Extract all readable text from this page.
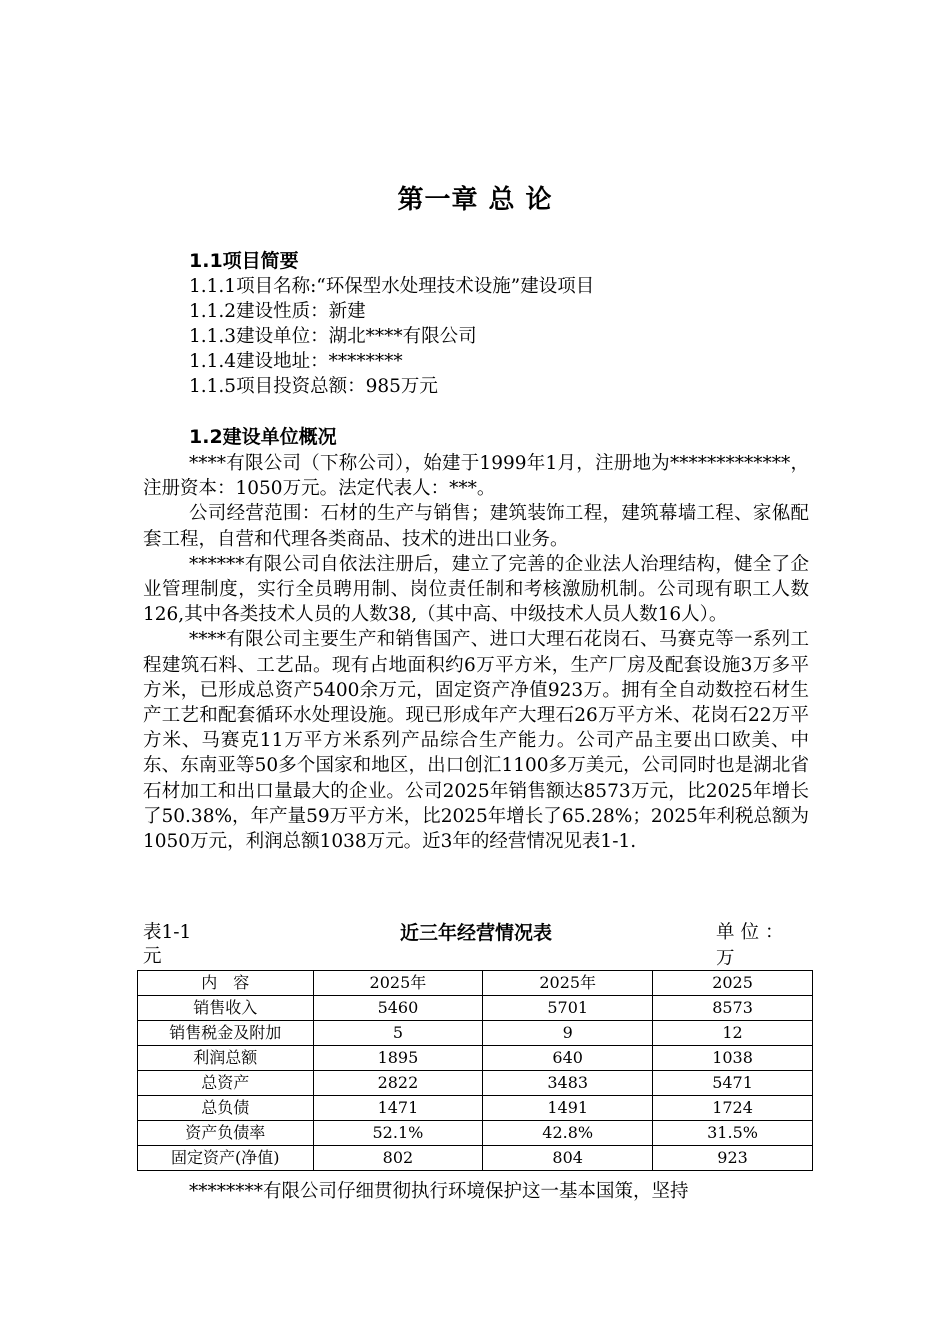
第一章 总 论
1.1项目简要
1.1.1项目名称:“环保型水处理技术设施”建设项目
1.1.2建设性质：新建
1.1.3建设单位：湖北****有限公司
1.1.4建设地址：********
1.1.5项目投资总额：985万元
1.2建设单位概况

****有限公司（下称公司），始建于1999年1月，注册地为*************，注册资本：1050万元。法定代表人：***。

公司经营范围：石材的生产与销售；建筑装饰工程，建筑幕墙工程、家俬配套工程，自营和代理各类商品、技术的进出口业务。

******有限公司自依法注册后，建立了完善的企业法人治理结构，健全了企业管理制度，实行全员聘用制、岗位责任制和考核激励机制。公司现有职工人数126,其中各类技术人员的人数38,（其中高、中级技术人员人数16人）。

****有限公司主要生产和销售国产、进口大理石花岗石、马赛克等一系列工程建筑石料、工艺品。现有占地面积约6万平方米，生产厂房及配套设施3万多平方米，已形成总资产5400余万元，固定资产净值923万。拥有全自动数控石材生产工艺和配套循环水处理设施。现已形成年产大理石26万平方米、花岗石22万平方米、马赛克11万平方米系列产品综合生产能力。公司产品主要出口欧美、中东、东南亚等50多个国家和地区，出口创汇1100多万美元，公司同时也是湖北省石材加工和出口量最大的企业。公司2025年销售额达8573万元，比2025年增长了50.38%，年产量59万平方米，比2025年增长了65.28%；2025年利税总额为1050万元，利润总额1038万元。近3年的经营情况见表1-1.

表1-1	近三年经营情况表	单位：万
元
内　容	2025年	2025年	2025
销售收入	5460	5701	8573
销售税金及附加	5	9	12
利润总额	1895	640	1038
总资产	2822	3483	5471
总负债	1471	1491	1724
资产负债率	52.1%	42.8%	31.5%
固定资产(净值)	802	804	923
********有限公司仔细贯彻执行环境保护这一基本国策，坚持
